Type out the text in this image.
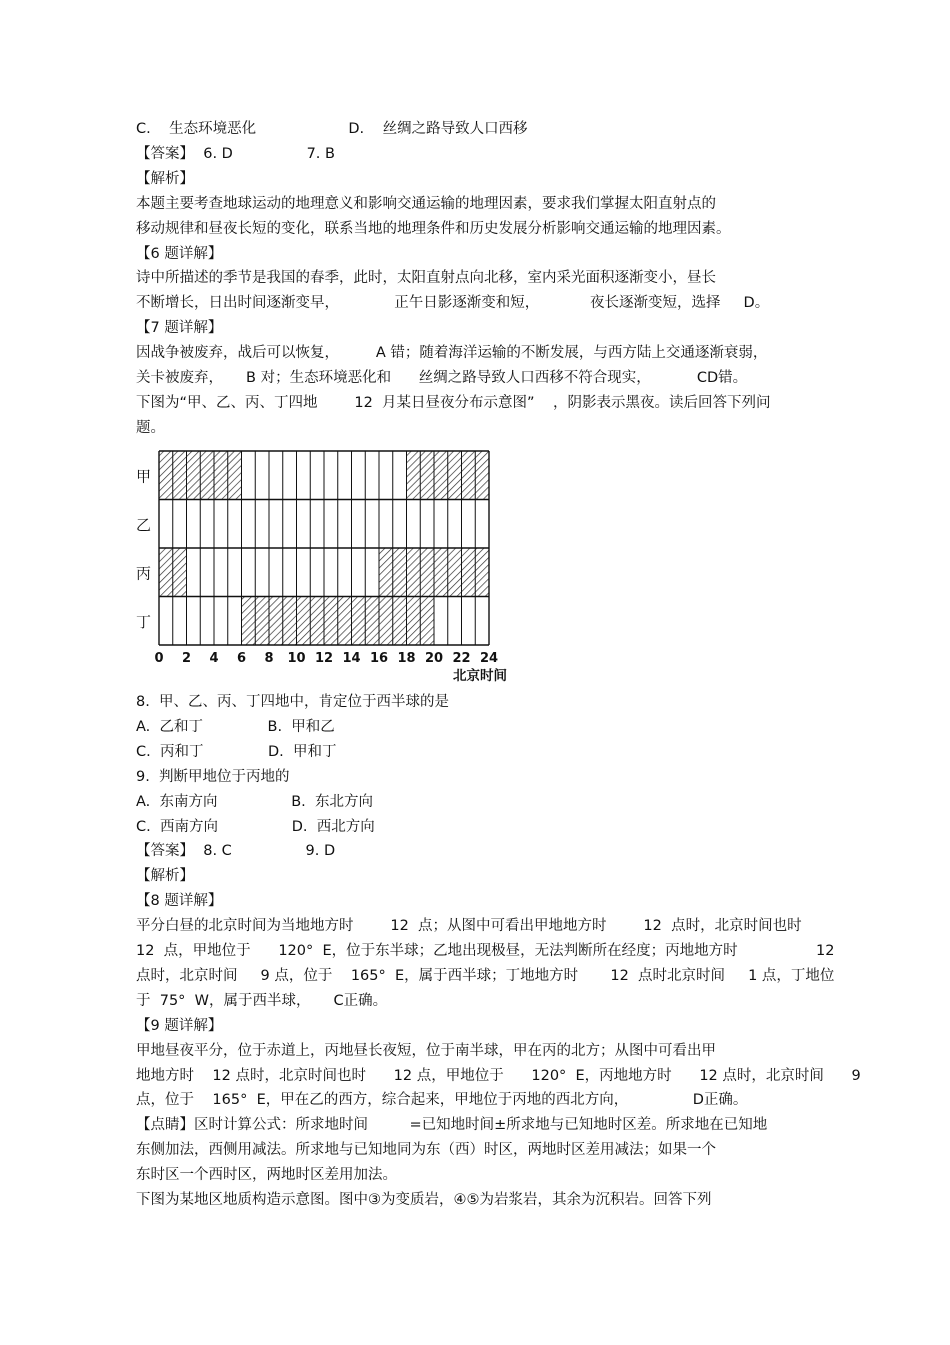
C.    生态环境恶化                    D.    丝绸之路导致人口西移
【答案】  6. D                7. B
【解析】
本题主要考查地球运动的地理意义和影响交通运输的地理因素，要求我们掌握太阳直射点的
移动规律和昼夜长短的变化，联系当地的地理条件和历史发展分析影响交通运输的地理因素。
【6 题详解】
诗中所描述的季节是我国的春季，此时，太阳直射点向北移，室内采光面积逐渐变小，昼长
不断增长，日出时间逐渐变早，            正午日影逐渐变和短，           夜长逐渐变短，选择     D。
【7 题详解】
因战争被废弃，战后可以恢复，        A 错；随着海洋运输的不断发展，与西方陆上交通逐渐衰弱，
关卡被废弃，     B 对；生态环境恶化和      丝绸之路导致人口西移不符合现实，          CD错。
下图为“甲、乙、丙、丁四地        12  月某日昼夜分布示意图”    ，阴影表示黑夜。读后回答下列问
题。
甲
乙
丙
丁
0 2 4 6 8 10 12 14 16 18 20 22 24
北京时间
8.  甲、乙、丙、丁四地中，肯定位于西半球的是
A.  乙和丁              B.  甲和乙
C.  丙和丁              D.  甲和丁
9.  判断甲地位于丙地的
A.  东南方向                B.  东北方向
C.  西南方向                D.  西北方向
【答案】  8. C                9. D
【解析】
【8 题详解】
平分白昼的北京时间为当地地方时        12  点；从图中可看出甲地地方时        12  点时，北京时间也时
12  点，甲地位于      120°  E，位于东半球；乙地出现极昼，无法判断所在经度；丙地地方时                 12
点时，北京时间     9 点，位于    165°  E，属于西半球；丁地地方时       12  点时北京时间     1 点，丁地位
于  75°  W，属于西半球，     C正确。
【9 题详解】
甲地昼夜平分，位于赤道上，丙地昼长夜短，位于南半球，甲在丙的北方；从图中可看出甲
地地方时    12 点时，北京时间也时      12 点，甲地位于      120°  E，丙地地方时      12 点时，北京时间      9
点，位于    165°  E，甲在乙的西方，综合起来，甲地位于丙地的西北方向，              D正确。
【点睛】区时计算公式：所求地时间         =已知地时间±所求地与已知地时区差。所求地在已知地
东侧加法，西侧用减法。所求地与已知地同为东（西）时区，两地时区差用减法；如果一个
东时区一个西时区，两地时区差用加法。
下图为某地区地质构造示意图。图中③为变质岩，④⑤为岩浆岩，其余为沉积岩。回答下列
